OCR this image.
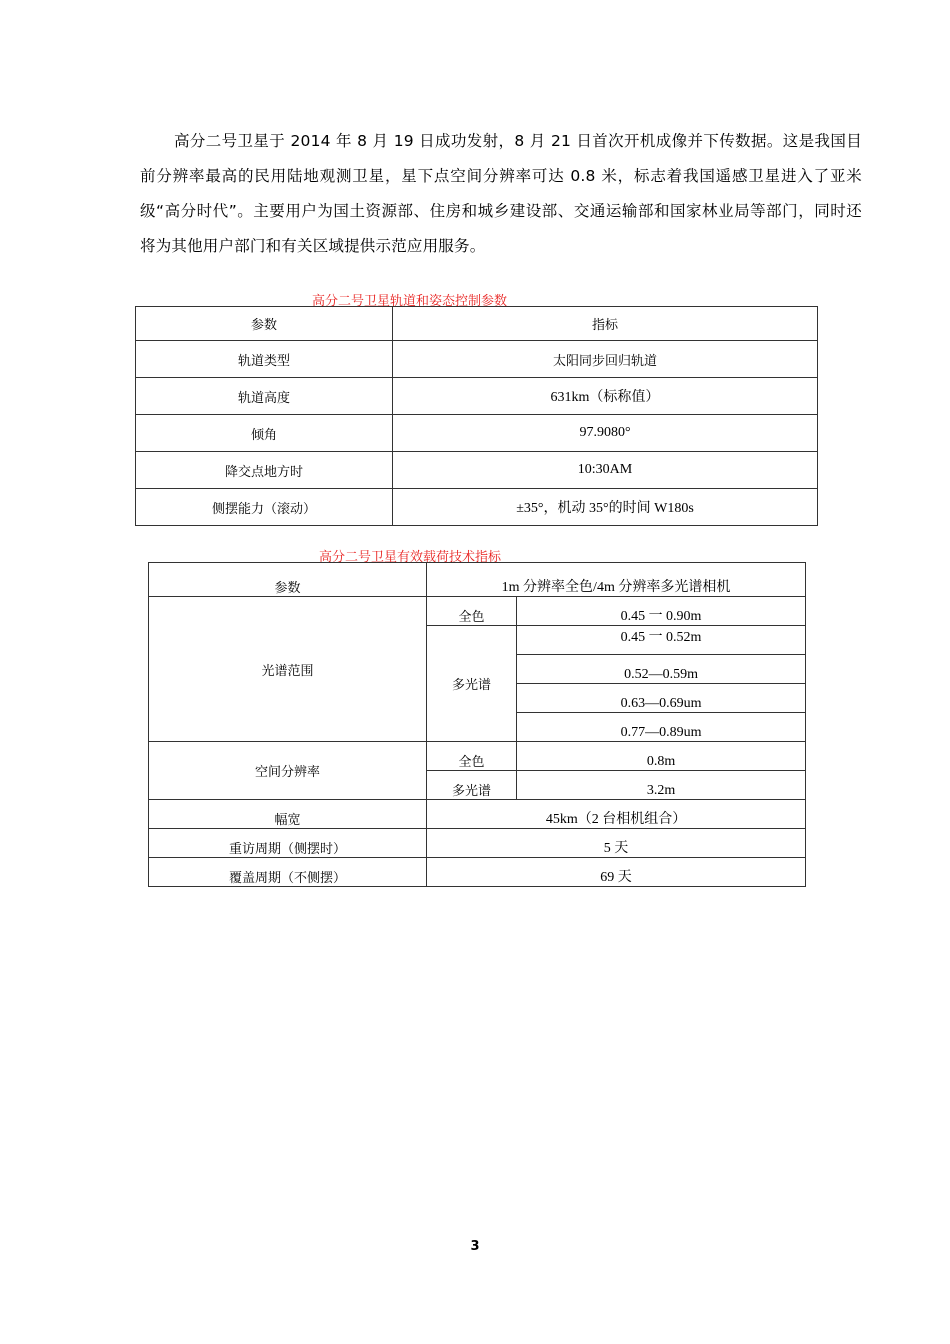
高分二号卫星于 2014 年 8 月 19 日成功发射，8 月 21 日首次开机成像并下传数据。这是我国目前分辨率最高的民用陆地观测卫星，星下点空间分辨率可达 0.8 米，标志着我国遥感卫星进入了亚米级“高分时代”。主要用户为国土资源部、住房和城乡建设部、交通运输部和国家林业局等部门，同时还将为其他用户部门和有关区域提供示范应用服务。

高分二号卫星轨道和姿态控制参数
参数	指标
轨道类型	太阳同步回归轨道
轨道高度	631km（标称值）
倾角	97.9080°
降交点地方时	10:30AM
侧摆能力（滚动）	±35°，机动 35°的时间 W180s
高分二号卫星有效载荷技术指标
参数	1m 分辨率全色/4m 分辨率多光谱相机	
光谱范围	全色	0.45 一 0.90m
	多光谱	0.45 一 0.52m
		0.52—0.59m
		0.63—0.69um
		0.77—0.89um
空间分辨率	全色	0.8m
	多光谱	3.2m
幅宽	45km（2 台相机组合）	
重访周期（侧摆时）	5 天	
覆盖周期（不侧摆）	69 天	
3
